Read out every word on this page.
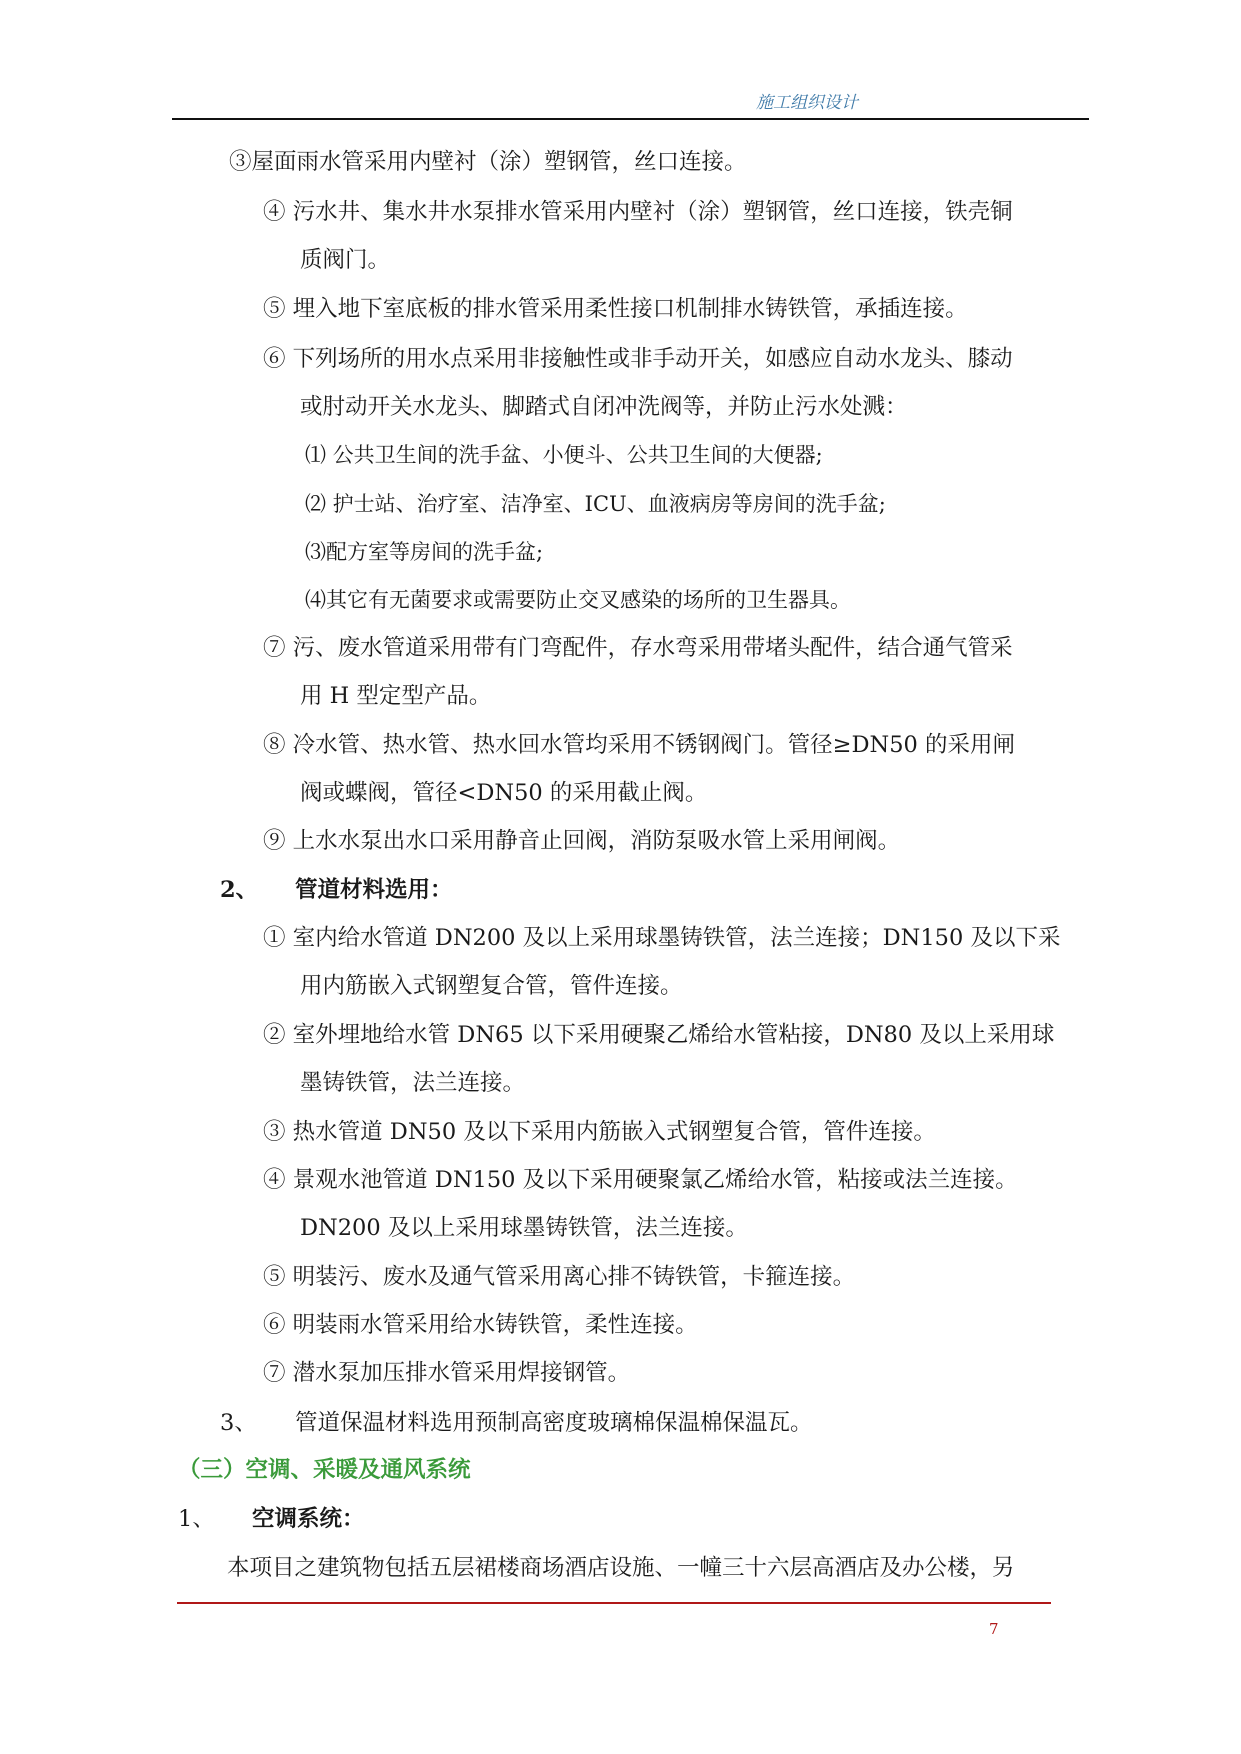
施工组织设计
③屋面雨水管采用内壁衬（涂）塑钢管，丝口连接。
④ 污水井、集水井水泵排水管采用内壁衬（涂）塑钢管，丝口连接，铁壳铜
质阀门。
⑤ 埋入地下室底板的排水管采用柔性接口机制排水铸铁管，承插连接。
⑥ 下列场所的用水点采用非接触性或非手动开关，如感应自动水龙头、膝动
或肘动开关水龙头、脚踏式自闭冲洗阀等，并防止污水处溅：
⑴ 公共卫生间的洗手盆、小便斗、公共卫生间的大便器;
⑵ 护士站、治疗室、洁净室、ICU、血液病房等房间的洗手盆;
⑶配方室等房间的洗手盆;
⑷其它有无菌要求或需要防止交叉感染的场所的卫生器具。
⑦ 污、废水管道采用带有门弯配件，存水弯采用带堵头配件，结合通气管采
用 H 型定型产品。
⑧ 冷水管、热水管、热水回水管均采用不锈钢阀门。管径≥DN50 的采用闸
阀或蝶阀，管径<DN50 的采用截止阀。
⑨ 上水水泵出水口采用静音止回阀，消防泵吸水管上采用闸阀。
2、 管道材料选用：
① 室内给水管道 DN200 及以上采用球墨铸铁管，法兰连接；DN150 及以下采
用内筋嵌入式钢塑复合管，管件连接。
② 室外埋地给水管 DN65 以下采用硬聚乙烯给水管粘接，DN80 及以上采用球
墨铸铁管，法兰连接。
③ 热水管道 DN50 及以下采用内筋嵌入式钢塑复合管，管件连接。
④ 景观水池管道 DN150 及以下采用硬聚氯乙烯给水管，粘接或法兰连接。
DN200 及以上采用球墨铸铁管，法兰连接。
⑤ 明装污、废水及通气管采用离心排不铸铁管，卡箍连接。
⑥ 明装雨水管采用给水铸铁管，柔性连接。
⑦ 潜水泵加压排水管采用焊接钢管。
3、 管道保温材料选用预制高密度玻璃棉保温棉保温瓦。
（三）空调、采暖及通风系统
1、 空调系统：
本项目之建筑物包括五层裙楼商场酒店设施、一幢三十六层高酒店及办公楼，另
7
